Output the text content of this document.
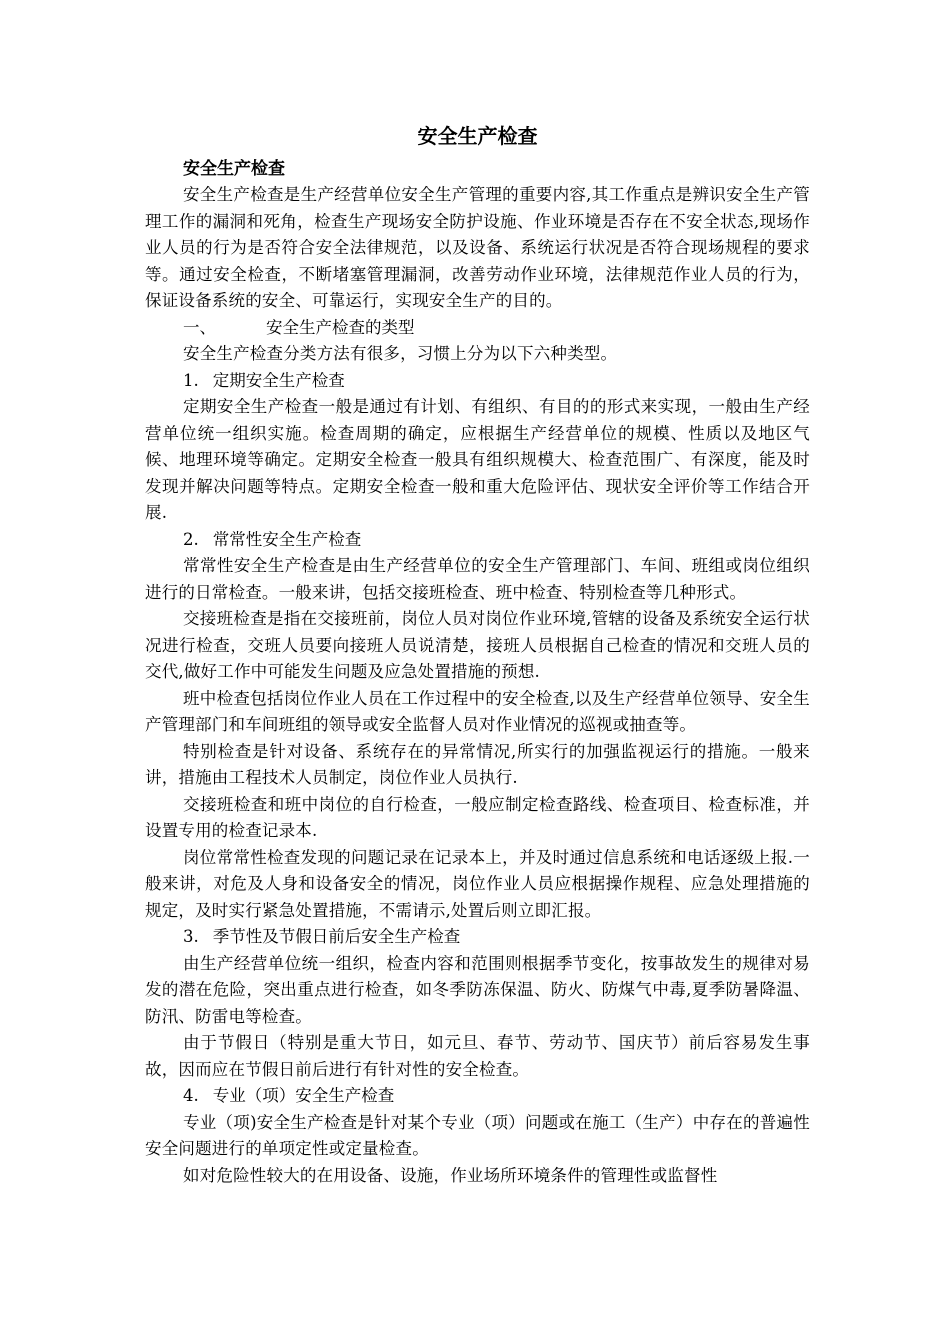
安全生产检查

安全生产检查

安全生产检查是生产经营单位安全生产管理的重要内容,其工作重点是辨识安全生产管理工作的漏洞和死角，检查生产现场安全防护设施、作业环境是否存在不安全状态,现场作业人员的行为是否符合安全法律规范，以及设备、系统运行状况是否符合现场规程的要求等。通过安全检查，不断堵塞管理漏洞，改善劳动作业环境，法律规范作业人员的行为，保证设备系统的安全、可靠运行，实现安全生产的目的。

一、	安全生产检查的类型

安全生产检查分类方法有很多，习惯上分为以下六种类型。

1. 定期安全生产检查

定期安全生产检查一般是通过有计划、有组织、有目的的形式来实现，一般由生产经营单位统一组织实施。检查周期的确定，应根据生产经营单位的规模、性质以及地区气候、地理环境等确定。定期安全检查一般具有组织规模大、检查范围广、有深度，能及时发现并解决问题等特点。定期安全检查一般和重大危险评估、现状安全评价等工作结合开展.

2. 常常性安全生产检查

常常性安全生产检查是由生产经营单位的安全生产管理部门、车间、班组或岗位组织进行的日常检查。一般来讲，包括交接班检查、班中检查、特别检查等几种形式。

交接班检查是指在交接班前，岗位人员对岗位作业环境,管辖的设备及系统安全运行状况进行检查，交班人员要向接班人员说清楚，接班人员根据自己检查的情况和交班人员的交代,做好工作中可能发生问题及应急处置措施的预想.

班中检查包括岗位作业人员在工作过程中的安全检查,以及生产经营单位领导、安全生产管理部门和车间班组的领导或安全监督人员对作业情况的巡视或抽查等。

特别检查是针对设备、系统存在的异常情况,所实行的加强监视运行的措施。一般来讲，措施由工程技术人员制定，岗位作业人员执行.

交接班检查和班中岗位的自行检查，一般应制定检查路线、检查项目、检查标准，并设置专用的检查记录本.

岗位常常性检查发现的问题记录在记录本上，并及时通过信息系统和电话逐级上报.一般来讲，对危及人身和设备安全的情况，岗位作业人员应根据操作规程、应急处理措施的规定，及时实行紧急处置措施，不需请示,处置后则立即汇报。

3. 季节性及节假日前后安全生产检查

由生产经营单位统一组织，检查内容和范围则根据季节变化，按事故发生的规律对易发的潜在危险，突出重点进行检查，如冬季防冻保温、防火、防煤气中毒,夏季防暑降温、防汛、防雷电等检查。

由于节假日（特别是重大节日，如元旦、春节、劳动节、国庆节）前后容易发生事故，因而应在节假日前后进行有针对性的安全检查。

4. 专业（项）安全生产检查

专业（项)安全生产检查是针对某个专业（项）问题或在施工（生产）中存在的普遍性安全问题进行的单项定性或定量检查。

如对危险性较大的在用设备、设施，作业场所环境条件的管理性或监督性
